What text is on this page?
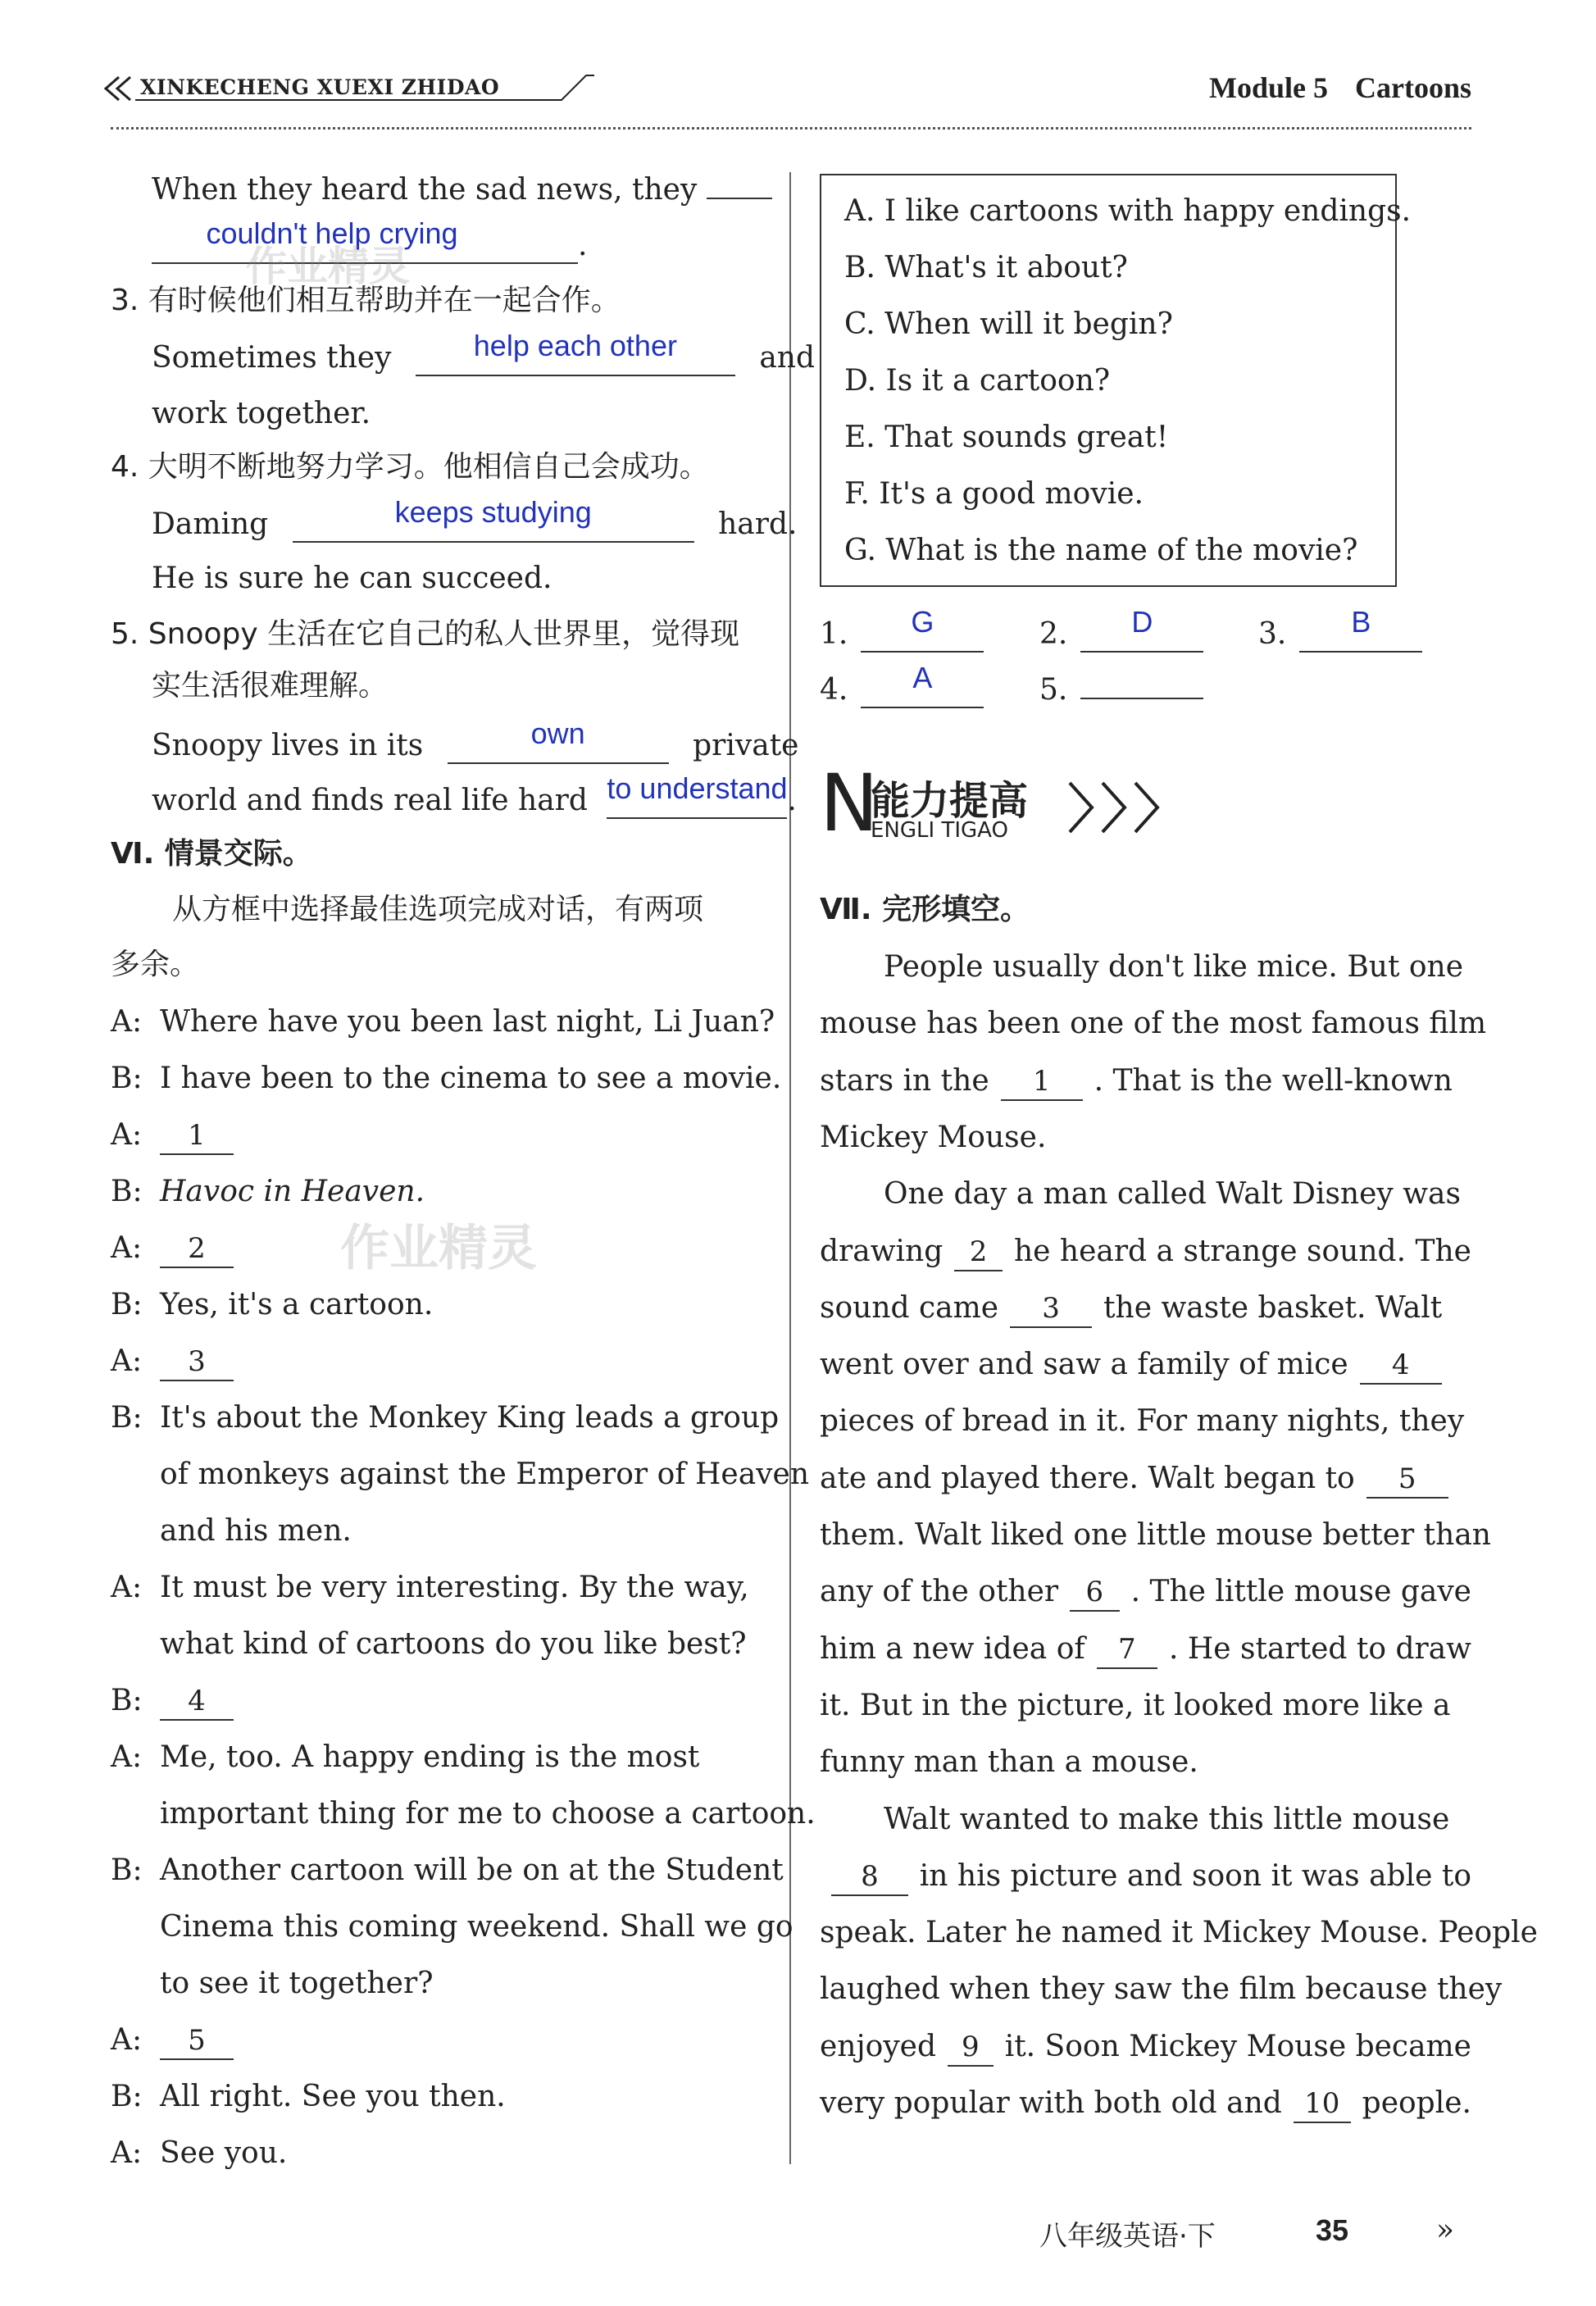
XINKECHENG XUEXI ZHIDAO	Module 5 Cartoons
When they heard the sad news, they
couldn't help crying	.
3. 有时候他们相互帮助并在一起合作。
Sometimes they	help each other	and
work together.
4. 大明不断地努力学习。他相信自己会成功。
Daming	keeps studying	hard.
He is sure he can succeed.
5. Snoopy 生活在它自己的私人世界里，觉得现
实生活很难理解。
Snoopy lives in its	own	private
world and finds real life hard to understand.
Ⅵ. 情景交际。
从方框中选择最佳选项完成对话，有两项
多余。
A: Where have you been last night, Li Juan?
B: I have been to the cinema to see a movie.
A: 1
B: Havoc in Heaven.
A: 2
B: Yes, it's a cartoon.
A: 3
B: It's about the Monkey King leads a group
of monkeys against the Emperor of Heaven
and his men.
A: It must be very interesting. By the way,
what kind of cartoons do you like best?
B: 4
A: Me, too. A happy ending is the most
important thing for me to choose a cartoon.
B: Another cartoon will be on at the Student
Cinema this coming weekend. Shall we go
to see it together?
A: 5
B: All right. See you then.
A: See you.
作业精灵
作业精灵
A. I like cartoons with happy endings.
B. What's it about?
C. When will it begin?
D. Is it a cartoon?
E. That sounds great!
F. It's a good movie.
G. What is the name of the movie?
1. G	2. D	3. B
4. A	5.
N
能力提高
ENGLI TIGAO
Ⅶ. 完形填空。
People usually don't like mice. But one
mouse has been one of the most famous film
stars in the	1	. That is the well-known
Mickey Mouse.
One day a man called Walt Disney was
drawing 2 he heard a strange sound. The
sound came	3	the waste basket. Walt
went over and saw a family of mice	4
pieces of bread in it. For many nights, they
ate and played there. Walt began to	5
them. Walt liked one little mouse better than
any of the other 6 . The little mouse gave
him a new idea of	7	. He started to draw
it. But in the picture, it looked more like a
funny man than a mouse.
Walt wanted to make this little mouse
8	in his picture and soon it was able to
speak. Later he named it Mickey Mouse. People
laughed when they saw the film because they
enjoyed 9 it. Soon Mickey Mouse became
very popular with both old and 10 people.
八年级英语·下	35	»
